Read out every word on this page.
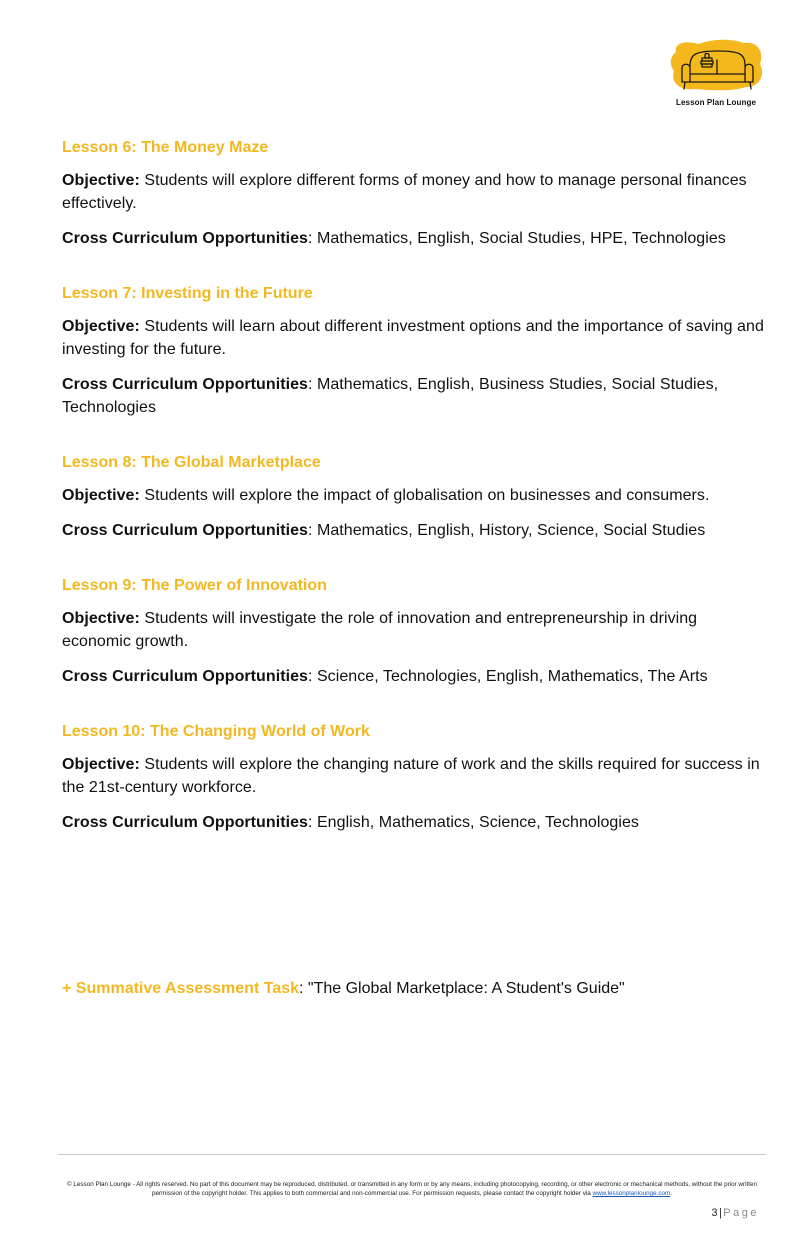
Lesson Plan Lounge
Lesson 6: The Money Maze
Objective: Students will explore different forms of money and how to manage personal finances effectively.
Cross Curriculum Opportunities: Mathematics, English, Social Studies, HPE, Technologies
Lesson 7: Investing in the Future
Objective: Students will learn about different investment options and the importance of saving and investing for the future.
Cross Curriculum Opportunities: Mathematics, English, Business Studies, Social Studies, Technologies
Lesson 8: The Global Marketplace
Objective: Students will explore the impact of globalisation on businesses and consumers.
Cross Curriculum Opportunities: Mathematics, English, History, Science, Social Studies
Lesson 9: The Power of Innovation
Objective: Students will investigate the role of innovation and entrepreneurship in driving economic growth.
Cross Curriculum Opportunities: Science, Technologies, English, Mathematics, The Arts
Lesson 10: The Changing World of Work
Objective: Students will explore the changing nature of work and the skills required for success in the 21st-century workforce.
Cross Curriculum Opportunities: English, Mathematics, Science, Technologies
+ Summative Assessment Task: "The Global Marketplace: A Student's Guide"
© Lesson Plan Lounge - All rights reserved. No part of this document may be reproduced, distributed, or transmitted in any form or by any means, including photocopying, recording, or other electronic or mechanical methods, without the prior written permission of the copyright holder. This applies to both commercial and non-commercial use. For permission requests, please contact the copyright holder via www.lessonplanlounge.com.
3|Page
